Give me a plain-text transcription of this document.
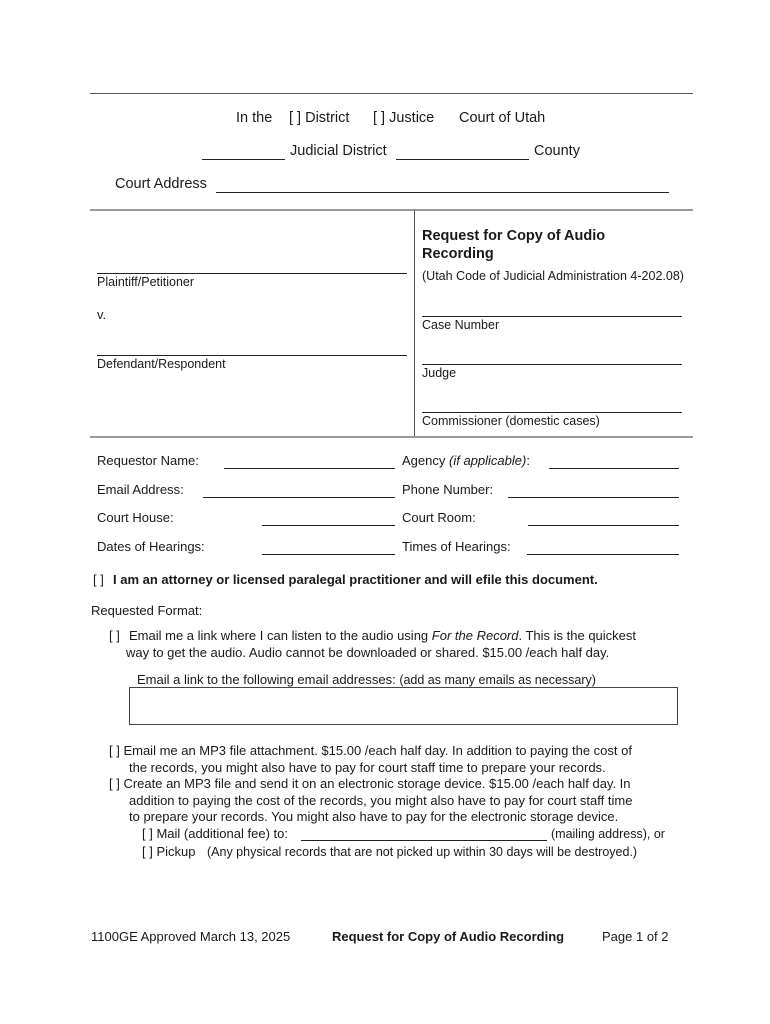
In the [ ] District [ ] Justice Court of Utah
Judicial District	County
Court Address
Plaintiff/Petitioner
v.
Defendant/Respondent
Request for Copy of Audio Recording
(Utah Code of Judicial Administration 4-202.08)
Case Number
Judge
Commissioner (domestic cases)
Requestor Name:	Agency (if applicable):
Email Address:	Phone Number:
Court House:	Court Room:
Dates of Hearings:	Times of Hearings:
[ ] I am an attorney or licensed paralegal practitioner and will efile this document.
Requested Format:
[ ] Email me a link where I can listen to the audio using For the Record. This is the quickest
way to get the audio. Audio cannot be downloaded or shared. $15.00 /each half day.
Email a link to the following email addresses: (add as many emails as necessary)
[ ] Email me an MP3 file attachment. $15.00 /each half day. In addition to paying the cost of
the records, you might also have to pay for court staff time to prepare your records.
[ ] Create an MP3 file and send it on an electronic storage device. $15.00 /each half day. In
addition to paying the cost of the records, you might also have to pay for court staff time
to prepare your records. You might also have to pay for the electronic storage device.
[ ] Mail (additional fee) to:	(mailing address), or
[ ] Pickup (Any physical records that are not picked up within 30 days will be destroyed.)
1100GE Approved March 13, 2025	Request for Copy of Audio Recording	Page 1 of 2
